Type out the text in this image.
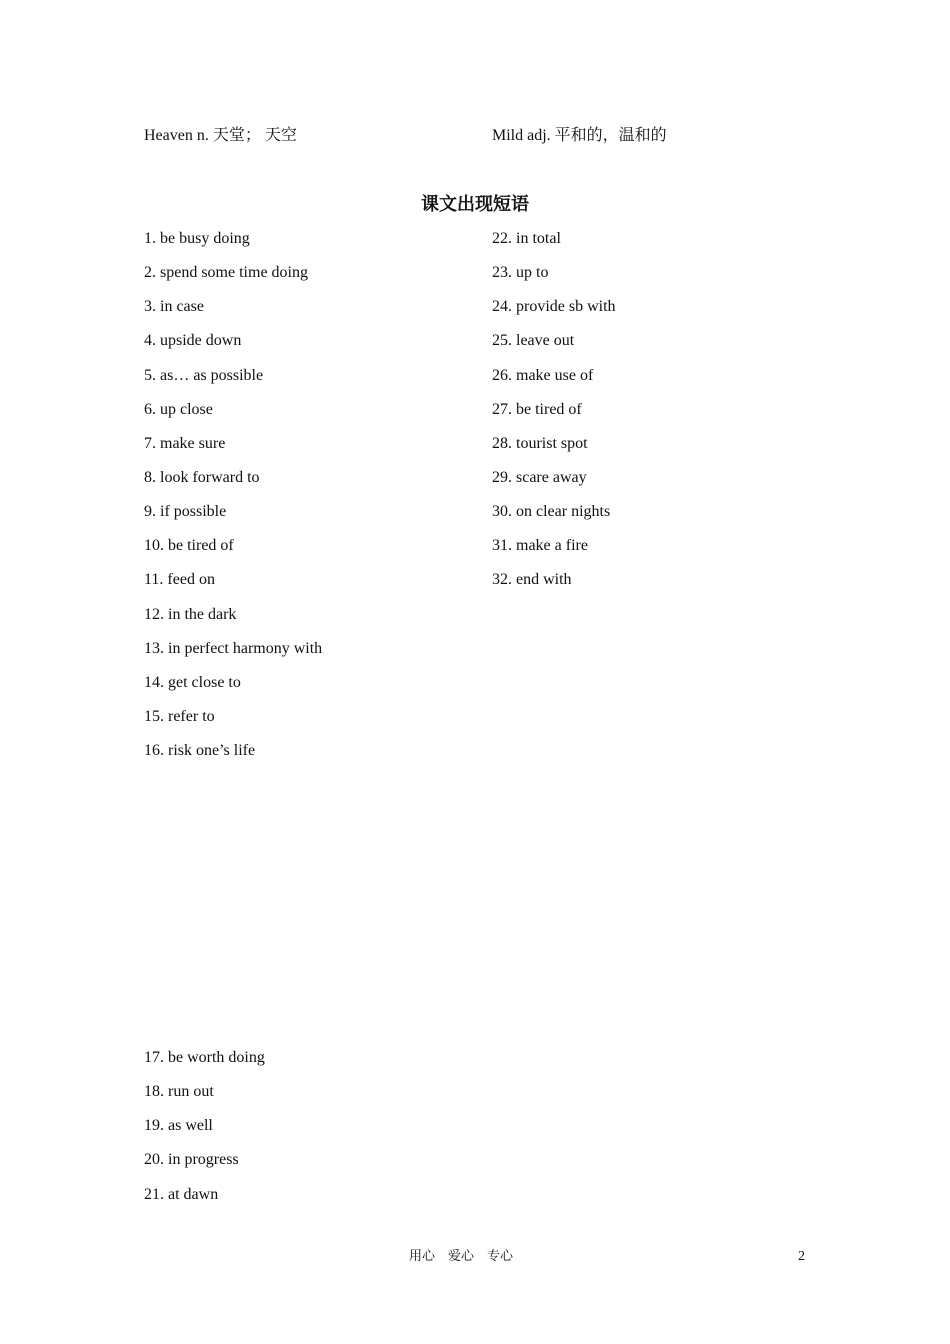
Heaven n. 天堂； 天空	Mild adj. 平和的，温和的
课文出现短语
1. be busy doing
2. spend some time doing
3. in case
4. upside down
5. as… as possible
6. up close
7. make sure
8. look forward to
9. if possible
10. be tired of
11. feed on
12. in the dark
13. in perfect harmony with
14. get close to
15. refer to
16. risk one’s life
22. in total
23. up to
24. provide sb with
25. leave out
26. make use of
27. be tired of
28. tourist spot
29. scare away
30. on clear nights
31. make a fire
32. end with
17. be worth doing
18. run out
19. as well
20. in progress
21. at dawn
用心　爱心　专心	2
